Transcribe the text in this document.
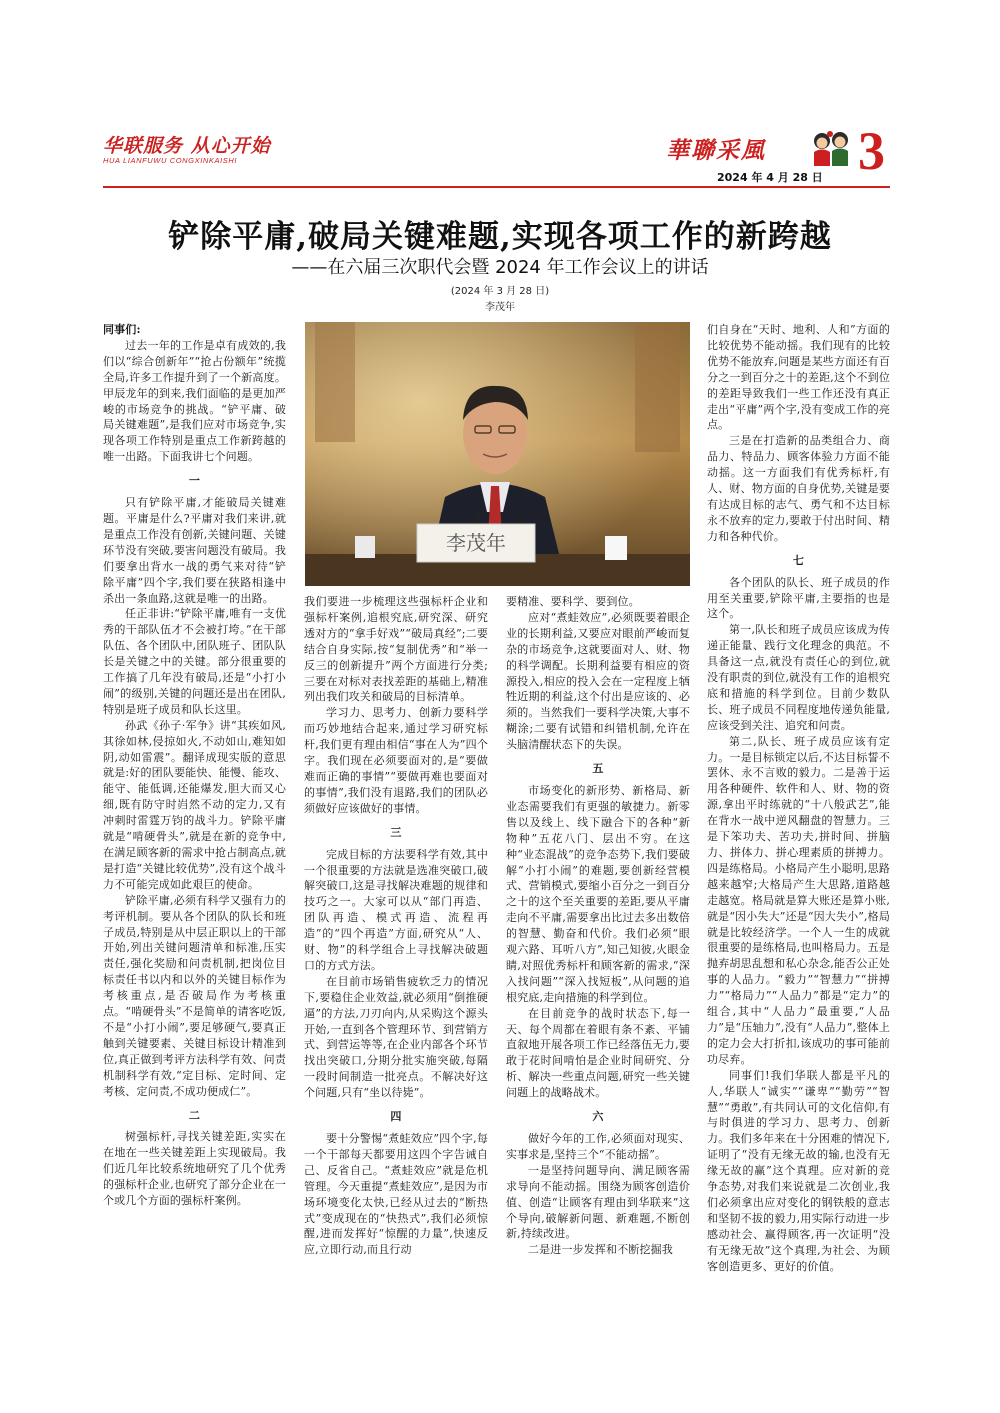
华联服务 从心开始
HUA LIANFUWU CONGXINKAISHI	華聯采風 3
2024 年 4 月 28 日
铲除平庸,破局关键难题,实现各项工作的新跨越
——在六届三次职代会暨 2024 年工作会议上的讲话
(2024 年 3 月 28 日)
李茂年
李茂年

同事们:

过去一年的工作是卓有成效的,我们以“综合创新年”“抢占份额年”统揽全局,许多工作提升到了一个新高度。甲辰龙年的到来,我们面临的是更加严峻的市场竞争的挑战。“铲平庸、破局关键难题”,是我们应对市场竞争,实现各项工作特别是重点工作新跨越的唯一出路。下面我讲七个问题。

一

只有铲除平庸,才能破局关键难题。平庸是什么?平庸对我们来讲,就是重点工作没有创新,关键问题、关键环节没有突破,要害问题没有破局。我们要拿出背水一战的勇气来对待“铲除平庸”四个字,我们要在狭路相逢中杀出一条血路,这就是唯一的出路。

任正非讲:“铲除平庸,唯有一支优秀的干部队伍才不会被打垮。”在干部队伍、各个团队中,团队班子、团队队长是关键之中的关键。部分很重要的工作搞了几年没有破局,还是“小打小闹”的级别,关键的问题还是出在团队,特别是班子成员和队长这里。

孙武《孙子·军争》讲“其疾如风,其徐如林,侵掠如火,不动如山,难知如阴,动如雷震”。翻译成现实版的意思就是:好的团队要能快、能慢、能攻、能守、能低调,还能爆发,胆大而又心细,既有防守时岿然不动的定力,又有冲刺时雷霆万钧的战斗力。铲除平庸就是“啃硬骨头”,就是在新的竞争中,在满足顾客新的需求中抢占制高点,就是打造“关键比较优势”,没有这个战斗力不可能完成如此艰巨的使命。

铲除平庸,必须有科学又强有力的考评机制。要从各个团队的队长和班子成员,特别是从中层正职以上的干部开始,列出关键问题清单和标准,压实责任,强化奖励和问责机制,把岗位目标责任书以内和以外的关键目标作为考核重点,是否破局作为考核重点。“啃硬骨头”不是简单的请客吃饭,不是“小打小闹”,要足够硬气,要真正触到关键要素、关键目标设计精准到位,真正做到考评方法科学有效、问责机制科学有效,“定目标、定时间、定考核、定问责,不成功便成仁”。

二

树强标杆,寻找关键差距,实实在在地在一些关键差距上实现破局。我们近几年比较系统地研究了几个优秀的强标杆企业,也研究了部分企业在一个或几个方面的强标杆案例。

我们要进一步梳理这些强标杆企业和强标杆案例,追根究底,研究深、研究透对方的“拿手好戏”“破局真经”;二要结合自身实际,按“复制优秀”和“举一反三的创新提升”两个方面进行分类;三要在对标对表找差距的基础上,精准列出我们攻关和破局的目标清单。

学习力、思考力、创新力要科学而巧妙地结合起来,通过学习研究标杆,我们更有理由相信“事在人为”四个字。我们现在必须要面对的,是“要做难而正确的事情”“要做再难也要面对的事情”,我们没有退路,我们的团队必须做好应该做好的事情。

三

完成目标的方法要科学有效,其中一个很重要的方法就是选准突破口,破解突破口,这是寻找解决难题的规律和技巧之一。大家可以从“部门再造、团队再造、模式再造、流程再造”的“四个再造”方面,研究从“人、财、物”的科学组合上寻找解决破题口的方式方法。

在目前市场销售疲软乏力的情况下,要稳住企业效益,就必须用“倒推硬逼”的方法,刀刃向内,从采购这个源头开始,一直到各个管理环节、到营销方式、到营运等等,在企业内部各个环节找出突破口,分期分批实施突破,每隔一段时间制造一批亮点。不解决好这个问题,只有“坐以待毙”。

四

要十分警惕“煮蛙效应”四个字,每一个干部每天都要用这四个字告诫自己、反省自己。“煮蛙效应”就是危机管理。今天重提“煮蛙效应”,是因为市场环境变化太快,已经从过去的“断热式”变成现在的“快热式”,我们必须惊醒,进而发挥好“惊醒的力量”,快速反应,立即行动,而且行动

要精准、要科学、要到位。

应对“煮蛙效应”,必须既要着眼企业的长期利益,又要应对眼前严峻而复杂的市场竞争,这就要面对人、财、物的科学调配。长期利益要有相应的资源投入,相应的投入会在一定程度上牺牲近期的利益,这个付出是应该的、必须的。当然我们一要科学决策,大事不糊涂;二要有试错和纠错机制,允许在头脑清醒状态下的失误。

五

市场变化的新形势、新格局、新业态需要我们有更强的敏捷力。新零售以及线上、线下融合下的各种“新物种”五花八门、层出不穷。在这种“业态混战”的竞争态势下,我们要破解“小打小闹”的难题,要创新经营模式、营销模式,要缩小百分之一到百分之十的这个至关重要的差距,要从平庸走向不平庸,需要拿出比过去多出数倍的智慧、勤奋和代价。我们必须“眼观六路、耳听八方”,知己知彼,火眼金睛,对照优秀标杆和顾客新的需求,“深入找问题”“深入找短板”,从问题的追根究底,走向措施的科学到位。

在目前竞争的战时状态下,每一天、每个周都在着眼有条不紊、平铺直叙地开展各项工作已经落伍无力,要敢于花时间啃怕是企业时间研究、分析、解决一些重点问题,研究一些关键问题上的战略战术。

六

做好今年的工作,必须面对现实、实事求是,坚持三个“不能动摇”。

一是坚持问题导向、满足顾客需求导向不能动摇。围绕为顾客创造价值、创造“让顾客有理由到华联来”这个导向,破解新问题、新难题,不断创新,持续改进。

二是进一步发挥和不断挖掘我

们自身在“天时、地利、人和”方面的比较优势不能动摇。我们现有的比较优势不能放弃,问题是某些方面还有百分之一到百分之十的差距,这个不到位的差距导致我们一些工作还没有真正走出“平庸”两个字,没有变成工作的亮点。

三是在打造新的品类组合力、商品力、特品力、顾客体验力方面不能动摇。这一方面我们有优秀标杆,有人、财、物方面的自身优势,关键是要有达成目标的志气、勇气和不达目标永不放弃的定力,要敢于付出时间、精力和各种代价。

七

各个团队的队长、班子成员的作用至关重要,铲除平庸,主要指的也是这个。

第一,队长和班子成员应该成为传递正能量、践行文化理念的典范。不具备这一点,就没有责任心的到位,就没有职责的到位,就没有工作的追根究底和措施的科学到位。目前少数队长、班子成员不同程度地传递负能量,应该受到关注、追究和问责。

第二,队长、班子成员应该有定力。一是目标锁定以后,不达目标誓不罢休、永不言败的毅力。二是善于运用各种硬件、软件和人、财、物的资源,拿出平时练就的“十八般武艺”,能在背水一战中逆风翻盘的智慧力。三是下笨功夫、苦功夫,拼时间、拼脑力、拼体力、拼心理素质的拼搏力。四是练格局。小格局产生小聪明,思路越来越窄;大格局产生大思路,道路越走越宽。格局就是算大账还是算小账,就是“因小失大”还是“因大失小”,格局就是比较经济学。一个人一生的成就很重要的是练格局,也叫格局力。五是抛弃胡思乱想和私心杂念,能否公正处事的人品力。“毅力”“智慧力”“拼搏力”“格局力”“人品力”都是“定力”的组合,其中“人品力”最重要,“人品力”是“压轴力”,没有“人品力”,整体上的定力会大打折扣,该成功的事可能前功尽弃。

同事们!我们华联人都是平凡的人,华联人“诚实”“谦卑”“勤劳”“智慧”“勇敢”,有共同认可的文化信仰,有与时俱进的学习力、思考力、创新力。我们多年来在十分困难的情况下,证明了“没有无缘无故的输,也没有无缘无故的赢”这个真理。应对新的竞争态势,对我们来说就是二次创业,我们必须拿出应对变化的钢铁般的意志和坚韧不拔的毅力,用实际行动进一步感动社会、赢得顾客,再一次证明“没有无缘无故”这个真理,为社会、为顾客创造更多、更好的价值。
